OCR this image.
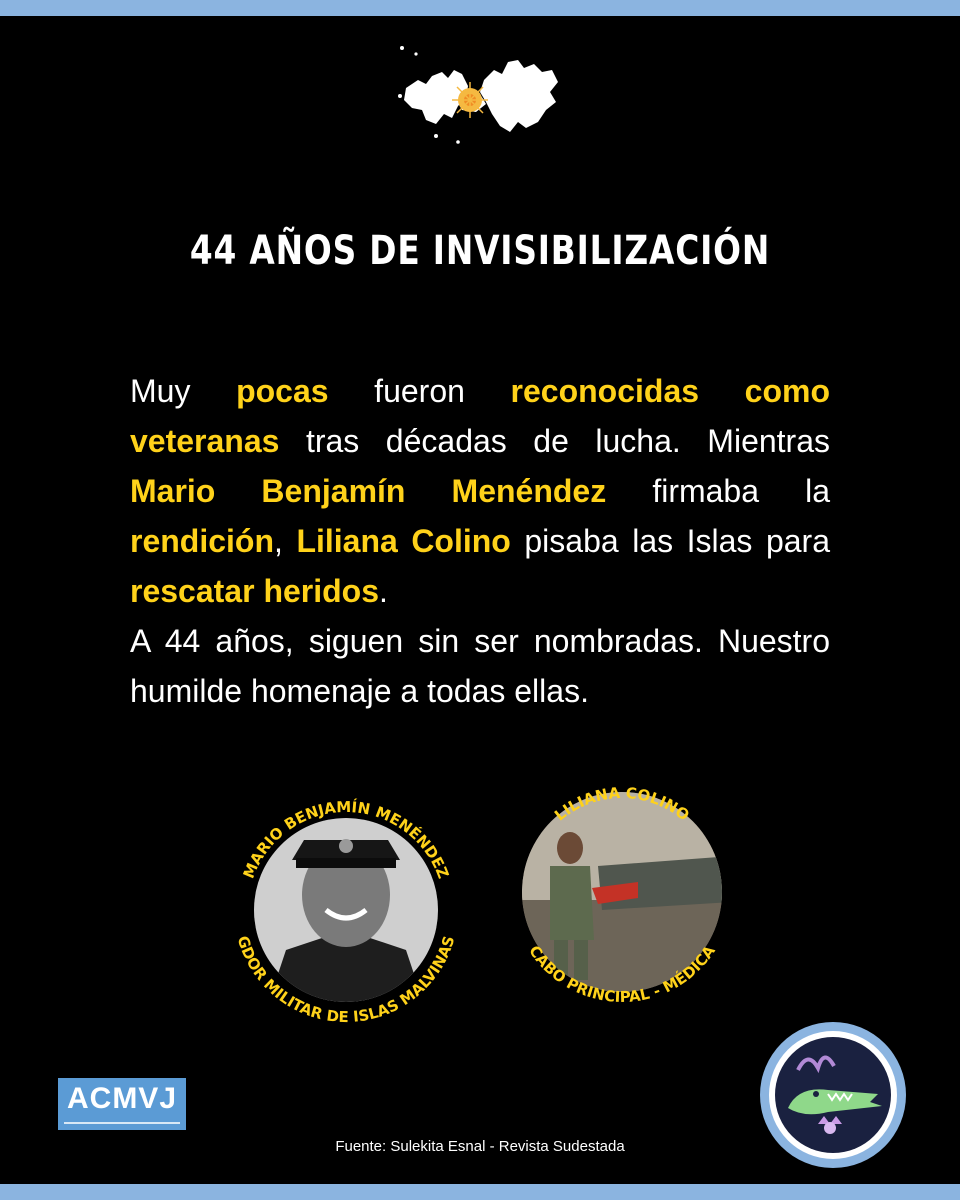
44 AÑOS DE INVISIBILIZACIÓN

Muy pocas fueron reconocidas como veteranas tras décadas de lucha. Mientras Mario Benjamín Menéndez firmaba la rendición, Liliana Colino pisaba las Islas para rescatar heridos.

A 44 años, siguen sin ser nombradas. Nuestro humilde homenaje a todas ellas.

MARIO BENJAMÍN MENÉNDEZ
GDOR MILITAR DE ISLAS MALVINAS
LILIANA COLINO
CABO PRINCIPAL - MÉDICA
ACMVJ
Fuente: Sulekita Esnal - Revista Sudestada
